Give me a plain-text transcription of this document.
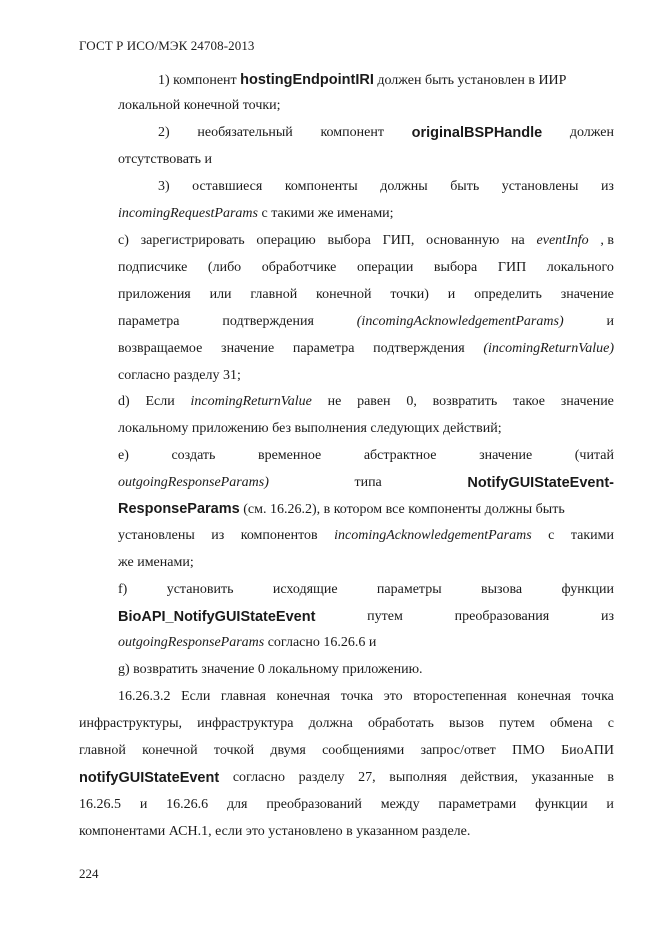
ГОСТ Р ИСО/МЭК 24708-2013
1) компонент hostingEndpointIRI должен быть установлен в ИИР
локальной конечной точки;
2) необязательный компонент originalBSPHandle должен
отсутствовать и
3) оставшиеся компоненты должны быть установлены из
incomingRequestParams с такими же именами;
c) зарегистрировать операцию выбора ГИП, основанную на eventInfo , в
подписчике (либо обработчике операции выбора ГИП локального
приложения или главной конечной точки) и определить значение
параметра	подтверждения	(incomingAcknowledgementParams)	и
возвращаемое значение параметра подтверждения (incomingReturnValue)
согласно разделу 31;
d) Если incomingReturnValue не равен 0, возвратить такое значение
локальному приложению без выполнения следующих действий;
e)	создать	временное	абстрактное	значение	(читай
outgoingResponseParams)	типа	NotifyGUIStateEvent-
ResponseParams (см. 16.26.2), в котором все компоненты должны быть
установлены из компонентов incomingAcknowledgementParams с такими
же именами;
f)	установить	исходящие	параметры	вызова	функции
BioAPI_NotifyGUIStateEvent	путем	преобразования	из
outgoingResponseParams согласно 16.26.6 и
g) возвратить значение 0 локальному приложению.
16.26.3.2 Если главная конечная точка это второстепенная конечная точка
инфраструктуры, инфраструктура должна обработать вызов путем обмена с
главной конечной точкой двумя сообщениями запрос/ответ ПМО БиоАПИ
notifyGUIStateEvent согласно разделу 27, выполняя действия, указанные в
16.26.5 и 16.26.6 для преобразований между параметрами функции и
компонентами АСН.1, если это установлено в указанном разделе.
224
